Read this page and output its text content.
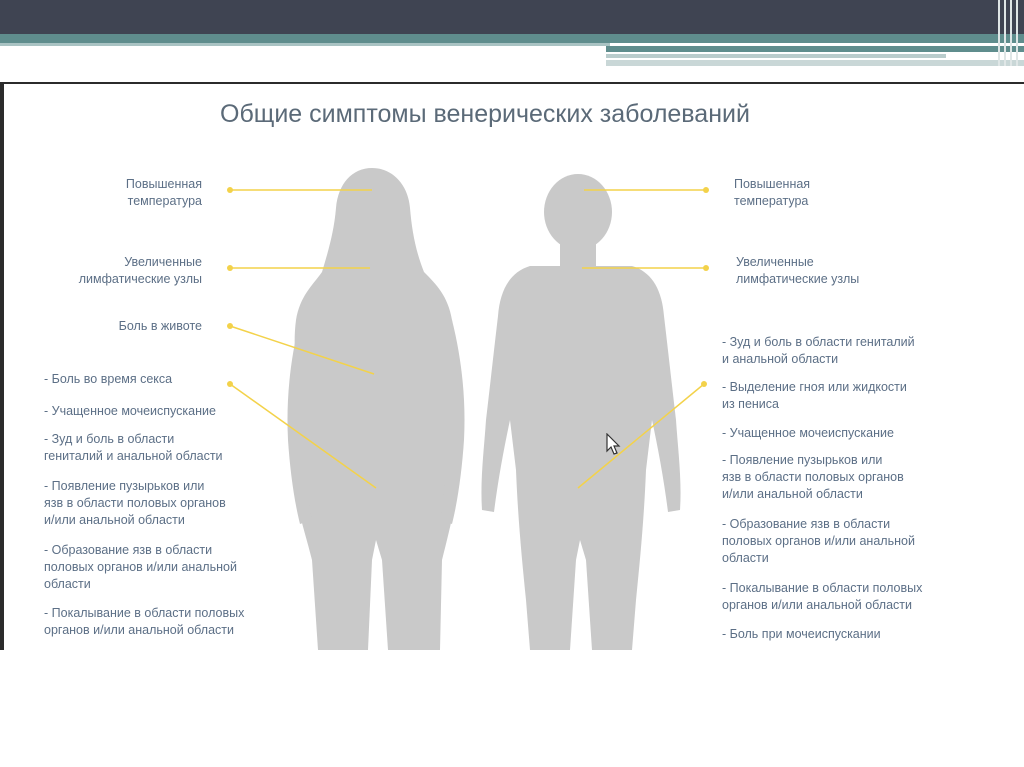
Общие симптомы венерических заболеваний
Повышенная
температура
Увеличенные
лимфатические узлы
Боль в животе
- Боль во время секса
- Учащенное мочеиспускание
- Зуд и боль в области
гениталий и анальной области
- Появление пузырьков или
язв в области половых органов
и/или анальной области
- Образование язв в области
половых органов и/или анальной
области
- Покалывание в области половых
органов и/или анальной области
Повышенная
температура
Увеличенные
лимфатические узлы
- Зуд и боль в области гениталий
и анальной области
- Выделение гноя или жидкости
из пениса
- Учащенное мочеиспускание
- Появление пузырьков или
язв в области половых органов
и/или анальной области
- Образование язв в области
половых органов и/или анальной
области
- Покалывание в области половых
органов и/или анальной области
- Боль при мочеиспускании
